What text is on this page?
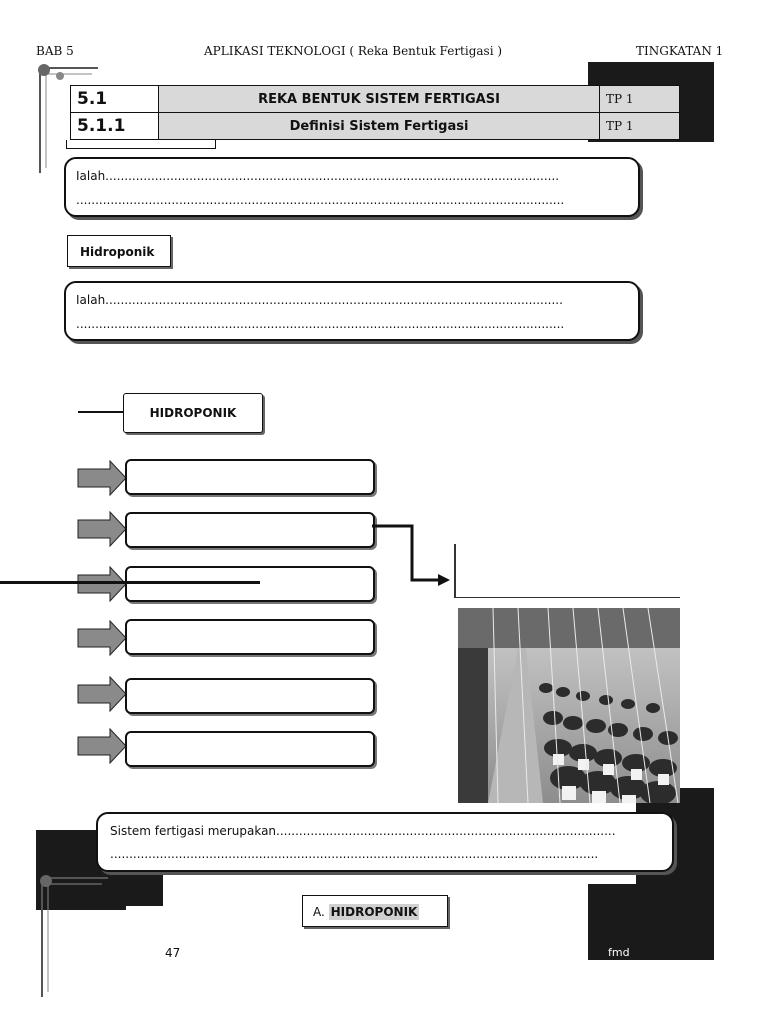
BAB 5	APLIKASI TEKNOLOGI ( Reka Bentuk Fertigasi )	TINGKATAN 1
5.1	REKA BENTUK SISTEM FERTIGASI	TP 1
5.1.1	Definisi Sistem Fertigasi	TP 1
Ialah.......................................................................................................................
................................................................................................................................
Hidroponik
Ialah........................................................................................................................
................................................................................................................................
HIDROPONIK
Sistem fertigasi merupakan.........................................................................................
................................................................................................................................
A. HIDROPONIK
47	fmd
